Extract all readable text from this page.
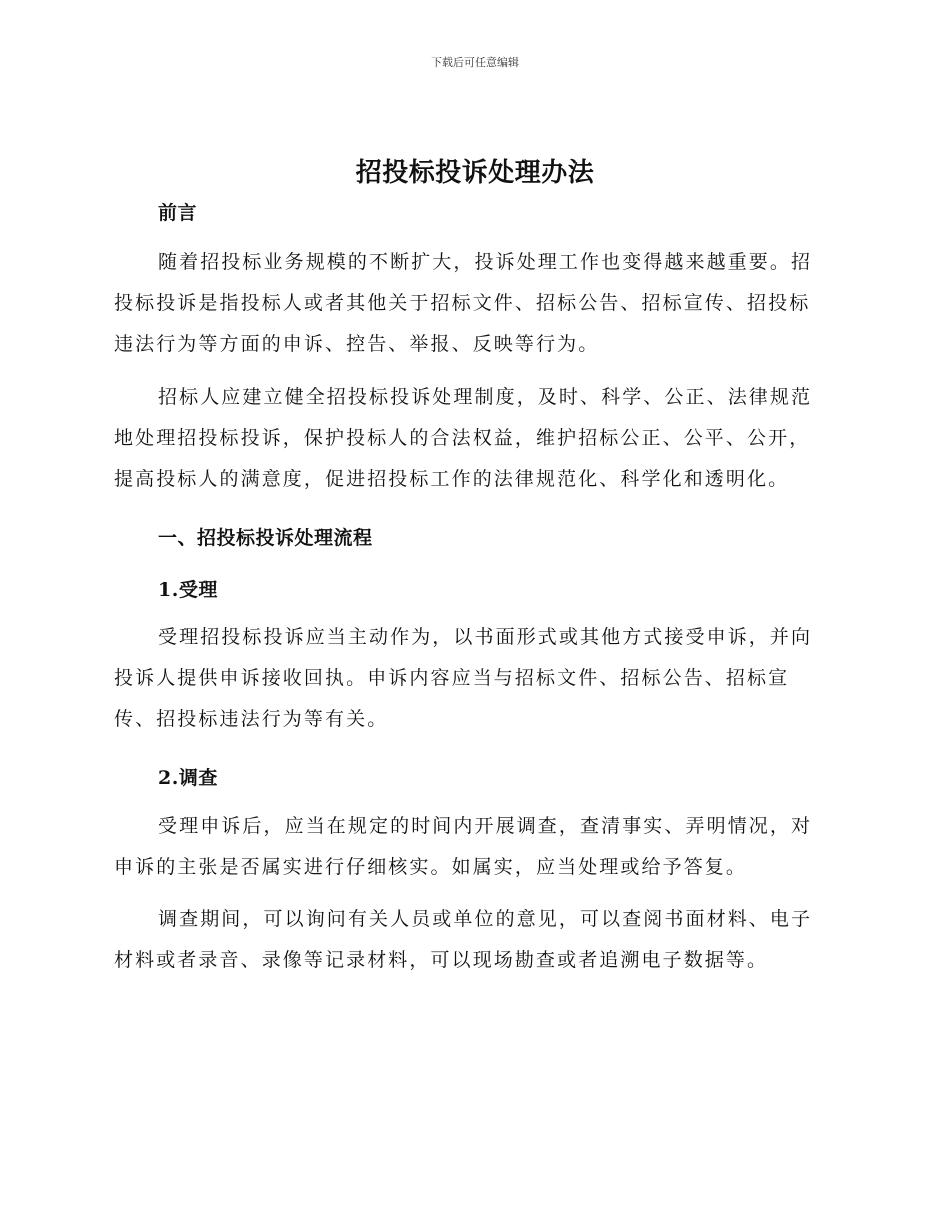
下载后可任意编辑
招投标投诉处理办法
前言

随着招投标业务规模的不断扩大，投诉处理工作也变得越来越重要。招投标投诉是指投标人或者其他关于招标文件、招标公告、招标宣传、招投标违法行为等方面的申诉、控告、举报、反映等行为。

招标人应建立健全招投标投诉处理制度，及时、科学、公正、法律规范地处理招投标投诉，保护投标人的合法权益，维护招标公正、公平、公开，提高投标人的满意度，促进招投标工作的法律规范化、科学化和透明化。

一、招投标投诉处理流程
1.受理

受理招投标投诉应当主动作为，以书面形式或其他方式接受申诉，并向投诉人提供申诉接收回执。申诉内容应当与招标文件、招标公告、招标宣传、招投标违法行为等有关。

2.调查

受理申诉后，应当在规定的时间内开展调查，查清事实、弄明情况，对申诉的主张是否属实进行仔细核实。如属实，应当处理或给予答复。

调查期间，可以询问有关人员或单位的意见，可以查阅书面材料、电子材料或者录音、录像等记录材料，可以现场勘查或者追溯电子数据等。
